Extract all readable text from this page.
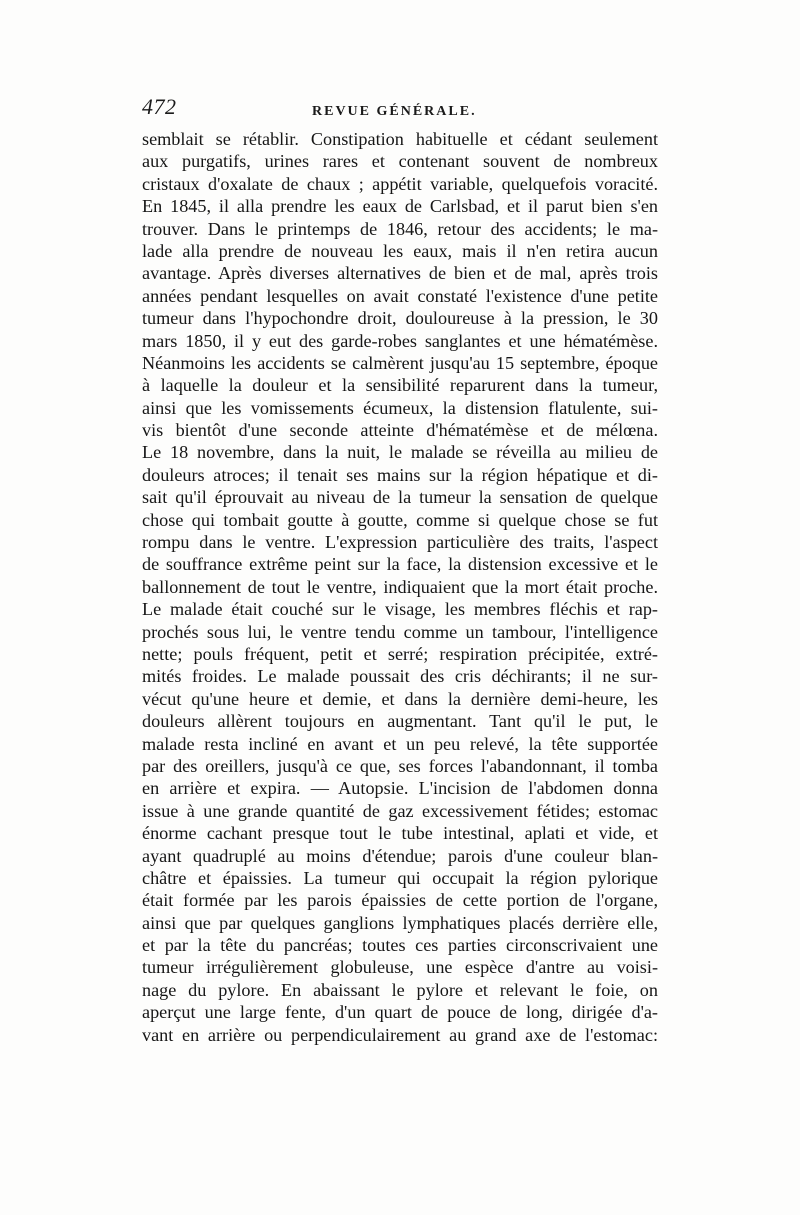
472	REVUE GÉNÉRALE.
semblait se rétablir. Constipation habituelle et cédant seulement
aux purgatifs, urines rares et contenant souvent de nombreux
cristaux d'oxalate de chaux ; appétit variable, quelquefois voracité.
En 1845, il alla prendre les eaux de Carlsbad, et il parut bien s'en
trouver. Dans le printemps de 1846, retour des accidents; le ma-
lade alla prendre de nouveau les eaux, mais il n'en retira aucun
avantage. Après diverses alternatives de bien et de mal, après trois
années pendant lesquelles on avait constaté l'existence d'une petite
tumeur dans l'hypochondre droit, douloureuse à la pression, le 30
mars 1850, il y eut des garde-robes sanglantes et une hématémèse.
Néanmoins les accidents se calmèrent jusqu'au 15 septembre, époque
à laquelle la douleur et la sensibilité reparurent dans la tumeur,
ainsi que les vomissements écumeux, la distension flatulente, sui-
vis bientôt d'une seconde atteinte d'hématémèse et de mélœna.
Le 18 novembre, dans la nuit, le malade se réveilla au milieu de
douleurs atroces; il tenait ses mains sur la région hépatique et di-
sait qu'il éprouvait au niveau de la tumeur la sensation de quelque
chose qui tombait goutte à goutte, comme si quelque chose se fut
rompu dans le ventre. L'expression particulière des traits, l'aspect
de souffrance extrême peint sur la face, la distension excessive et le
ballonnement de tout le ventre, indiquaient que la mort était proche.
Le malade était couché sur le visage, les membres fléchis et rap-
prochés sous lui, le ventre tendu comme un tambour, l'intelligence
nette; pouls fréquent, petit et serré; respiration précipitée, extré-
mités froides. Le malade poussait des cris déchirants; il ne sur-
vécut qu'une heure et demie, et dans la dernière demi-heure, les
douleurs allèrent toujours en augmentant. Tant qu'il le put, le
malade resta incliné en avant et un peu relevé, la tête supportée
par des oreillers, jusqu'à ce que, ses forces l'abandonnant, il tomba
en arrière et expira. — Autopsie. L'incision de l'abdomen donna
issue à une grande quantité de gaz excessivement fétides; estomac
énorme cachant presque tout le tube intestinal, aplati et vide, et
ayant quadruplé au moins d'étendue; parois d'une couleur blan-
châtre et épaissies. La tumeur qui occupait la région pylorique
était formée par les parois épaissies de cette portion de l'organe,
ainsi que par quelques ganglions lymphatiques placés derrière elle,
et par la tête du pancréas; toutes ces parties circonscrivaient une
tumeur irrégulièrement globuleuse, une espèce d'antre au voisi-
nage du pylore. En abaissant le pylore et relevant le foie, on
aperçut une large fente, d'un quart de pouce de long, dirigée d'a-
vant en arrière ou perpendiculairement au grand axe de l'estomac:
